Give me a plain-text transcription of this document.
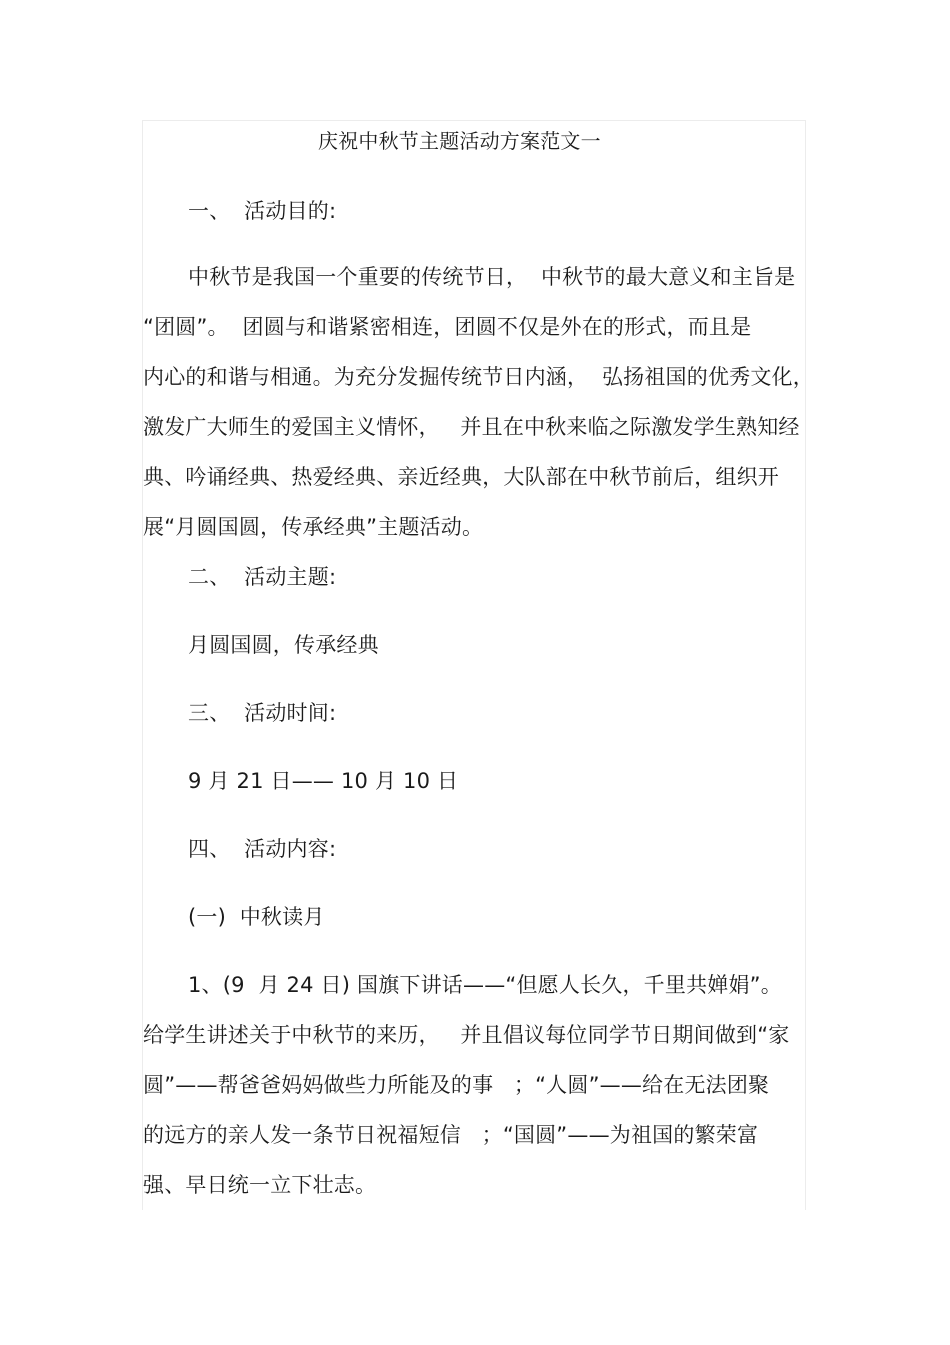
庆祝中秋节主题活动方案范文一
一、  活动目的:
中秋节是我国一个重要的传统节日，  中秋节的最大意义和主旨是
“团圆”。  团圆与和谐紧密相连，团圆不仅是外在的形式，而且是
内心的和谐与相通。为充分发掘传统节日内涵，  弘扬祖国的优秀文化，
激发广大师生的爱国主义情怀，   并且在中秋来临之际激发学生熟知经
典、吟诵经典、热爱经典、亲近经典，大队部在中秋节前后，组织开
展“月圆国圆，传承经典”主题活动。
二、  活动主题:
月圆国圆，传承经典
三、  活动时间:
9 月 21 日—— 10 月 10 日
四、  活动内容:
(一)  中秋读月
1、(9  月 24 日) 国旗下讲话——“但愿人长久，千里共婵娟”。
给学生讲述关于中秋节的来历，   并且倡议每位同学节日期间做到“家
圆”——帮爸爸妈妈做些力所能及的事   ；“人圆”——给在无法团聚
的远方的亲人发一条节日祝福短信   ；“国圆”——为祖国的繁荣富
强、早日统一立下壮志。
